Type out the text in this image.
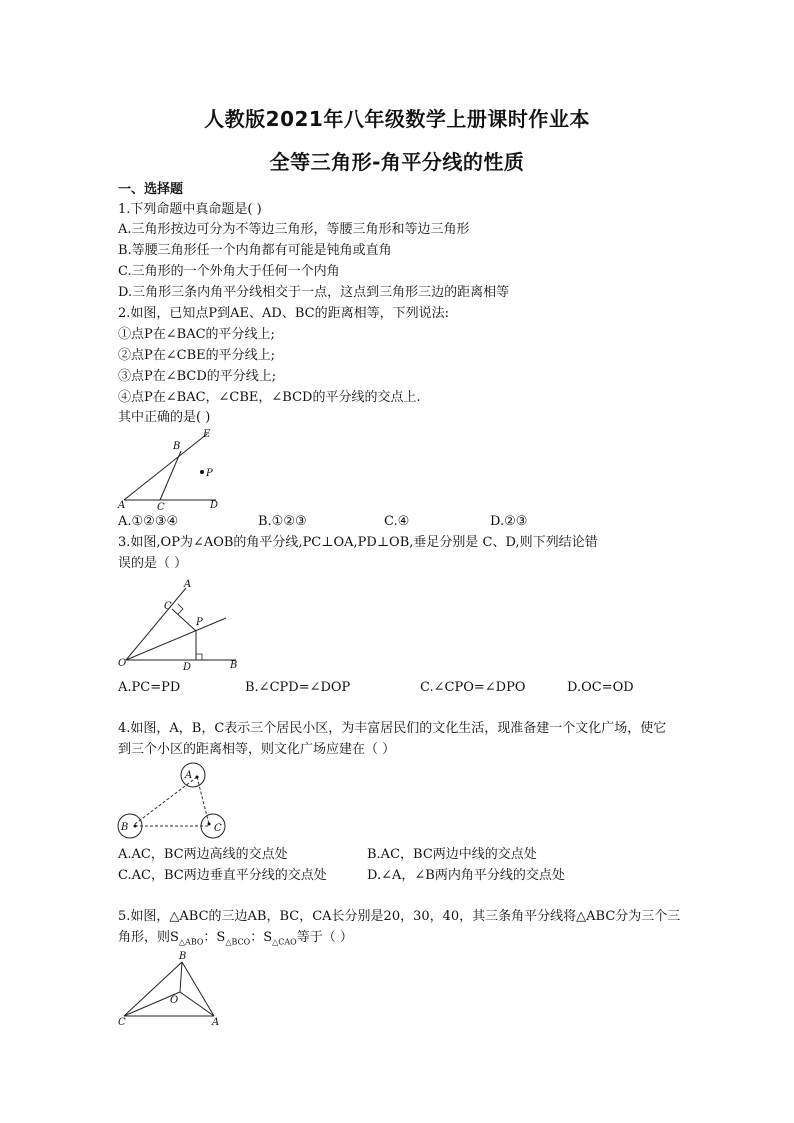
人教版2021年八年级数学上册课时作业本
全等三角形-角平分线的性质
一、选择题
1.下列命题中真命题是( )
A.三角形按边可分为不等边三角形，等腰三角形和等边三角形
B.等腰三角形任一个内角都有可能是钝角或直角
C.三角形的一个外角大于任何一个内角
D.三角形三条内角平分线相交于一点，这点到三角形三边的距离相等
2.如图，已知点P到AE、AD、BC的距离相等，下列说法:
①点P在∠BAC的平分线上;
②点P在∠CBE的平分线上;
③点P在∠BCD的平分线上;
④点P在∠BAC，∠CBE，∠BCD的平分线的交点上.
其中正确的是( )
A
B
C	D
E
P
A.①②③④	B.①②③	C.④	D.②③
3.如图,OP为∠AOB的角平分线,PC⊥OA,PD⊥OB,垂足分别是 C、D,则下列结论错
误的是（ ）
O
A
C
P
D	B
A.PC=PD	B.∠CPD=∠DOP	C.∠CPO=∠DPO	D.OC=OD
4.如图，A，B，C表示三个居民小区，为丰富居民们的文化生活，现准备建一个文化广场，使它
到三个小区的距离相等，则文化广场应建在（ ）
A
B	C
A.AC，BC两边高线的交点处	B.AC，BC两边中线的交点处
C.AC，BC两边垂直平分线的交点处	D.∠A，∠B两内角平分线的交点处
5.如图，△ABC的三边AB，BC，CA长分别是20，30，40，其三条角平分线将△ABC分为三个三
角形，则$S_{\triangle ABO}$：$S_{\triangle BCO}$：$S_{\triangle CAO}$等于（ ）
B
O
C	A
